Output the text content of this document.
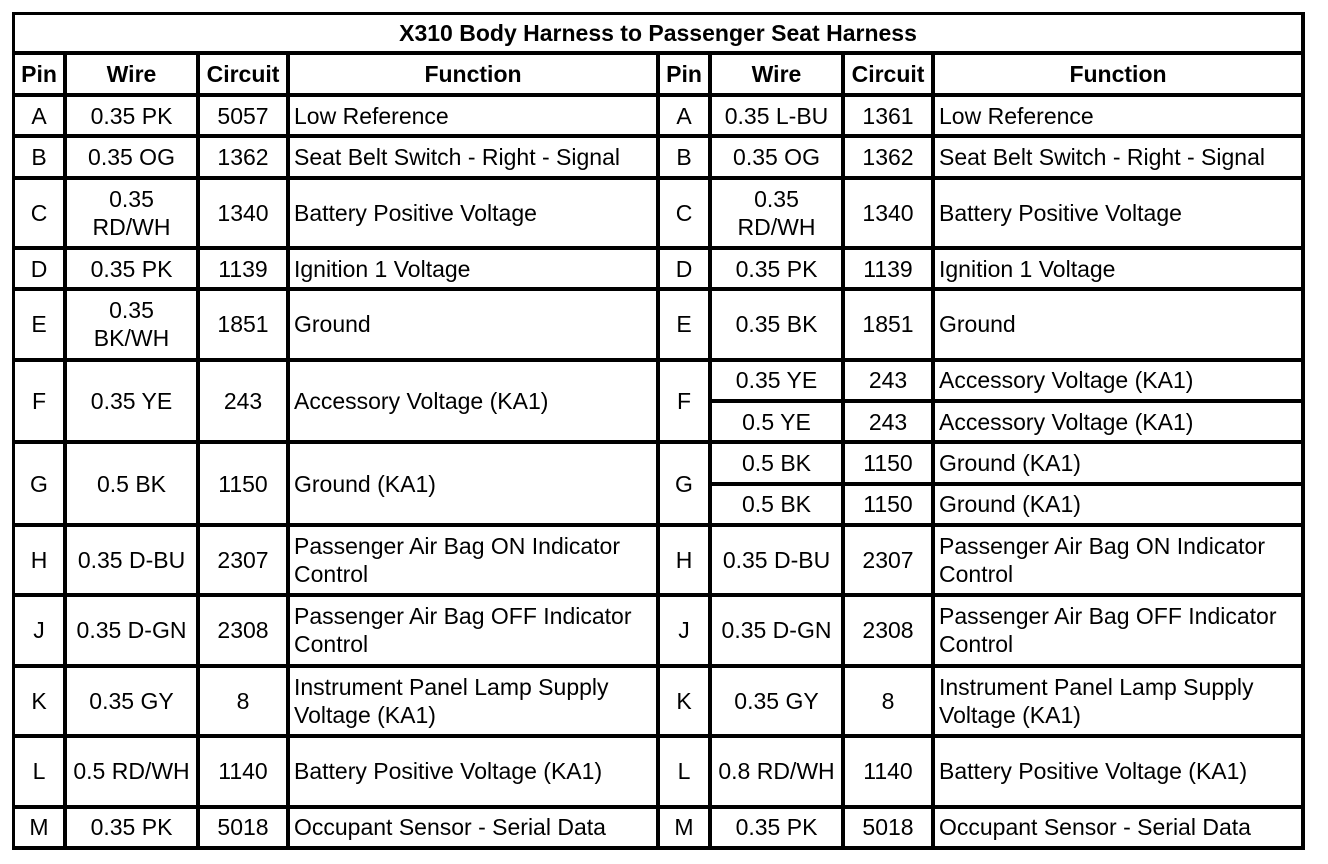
X310 Body Harness to Passenger Seat Harness							
Pin	Wire	Circuit	Function	Pin	Wire	Circuit	Function
A	0.35 PK	5057	Low Reference	A	0.35 L-BU	1361	Low Reference
B	0.35 OG	1362	Seat Belt Switch - Right - Signal	B	0.35 OG	1362	Seat Belt Switch - Right - Signal
C	0.35 RD/WH	1340	Battery Positive Voltage	C	0.35 RD/WH	1340	Battery Positive Voltage
D	0.35 PK	1139	Ignition 1 Voltage	D	0.35 PK	1139	Ignition 1 Voltage
E	0.35 BK/WH	1851	Ground	E	0.35 BK	1851	Ground
F	0.35 YE	243	Accessory Voltage (KA1)	F	0.35 YE	243	Accessory Voltage (KA1)
					0.5 YE	243	Accessory Voltage (KA1)
G	0.5 BK	1150	Ground (KA1)	G	0.5 BK	1150	Ground (KA1)
					0.5 BK	1150	Ground (KA1)
H	0.35 D-BU	2307	Passenger Air Bag ON Indicator Control	H	0.35 D-BU	2307	Passenger Air Bag ON Indicator Control
J	0.35 D-GN	2308	Passenger Air Bag OFF Indicator Control	J	0.35 D-GN	2308	Passenger Air Bag OFF Indicator Control
K	0.35 GY	8	Instrument Panel Lamp Supply Voltage (KA1)	K	0.35 GY	8	Instrument Panel Lamp Supply Voltage (KA1)
L	0.5 RD/WH	1140	Battery Positive Voltage (KA1)	L	0.8 RD/WH	1140	Battery Positive Voltage (KA1)
M	0.35 PK	5018	Occupant Sensor - Serial Data	M	0.35 PK	5018	Occupant Sensor - Serial Data
